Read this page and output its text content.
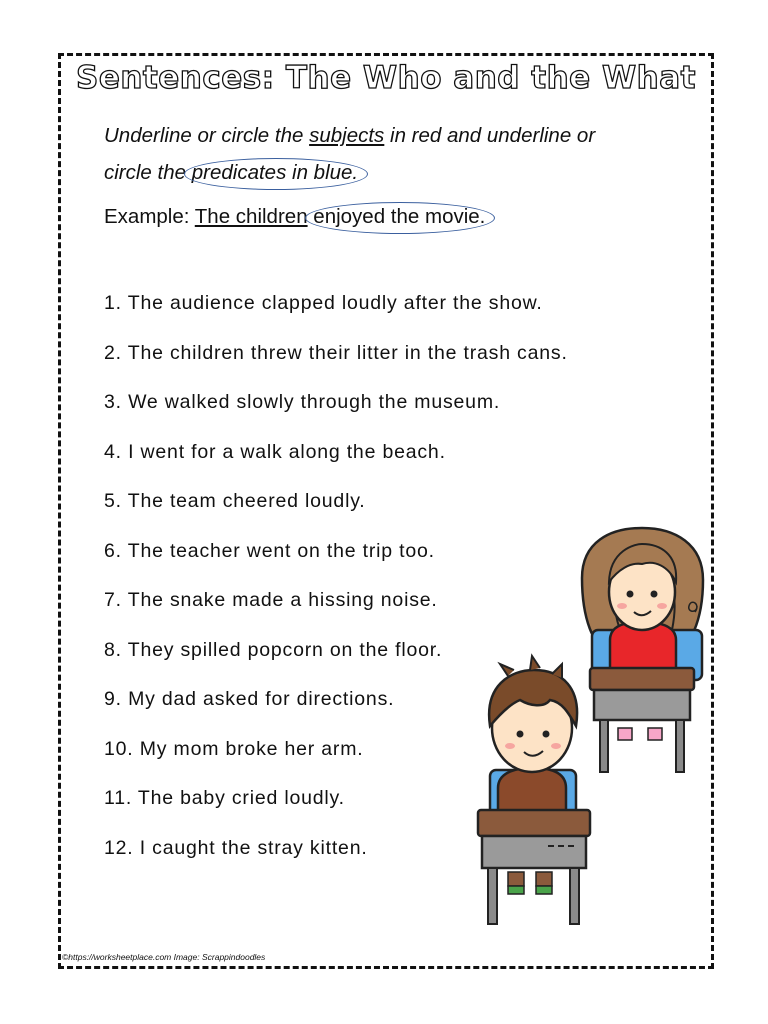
Sentences: The Who and the What
Underline or circle the subjects in red and underline or
circle the predicates in blue.
Example: The children enjoyed the movie.
1. The audience clapped loudly after the show.
2. The children threw their litter in the trash cans.
3. We walked slowly through the museum.
4. I went for a walk along the beach.
5. The team cheered loudly.
6. The teacher went on the trip too.
7. The snake made a hissing noise.
8. They spilled popcorn on the floor.
9. My dad asked for directions.
10. My mom broke her arm.
11. The baby cried loudly.
12. I caught the stray kitten.
©https://worksheetplace.com Image: Scrappindoodles
